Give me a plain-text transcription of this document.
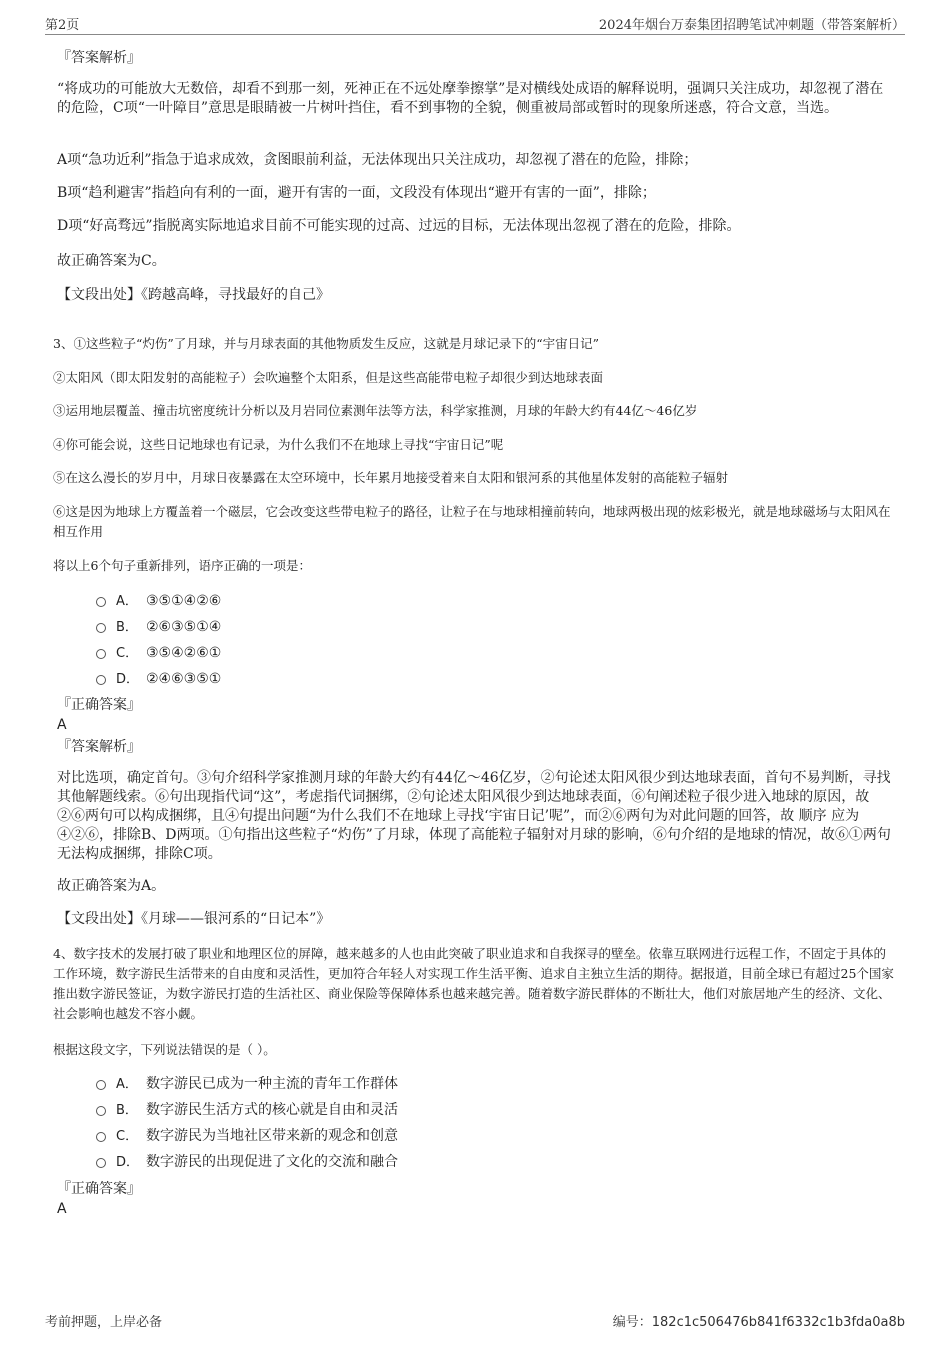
第2页	2024年烟台万泰集团招聘笔试冲刺题（带答案解析）
『答案解析』
“将成功的可能放大无数倍，却看不到那一刻，死神正在不远处摩拳擦掌”是对横线处成语的解释说明，强调只关注成功，却忽视了潜在的危险，C项“一叶障目”意思是眼睛被一片树叶挡住，看不到事物的全貌，侧重被局部或暂时的现象所迷惑，符合文意，当选。
A项“急功近利”指急于追求成效，贪图眼前利益，无法体现出只关注成功，却忽视了潜在的危险，排除；
B项“趋利避害”指趋向有利的一面，避开有害的一面，文段没有体现出“避开有害的一面”，排除；
D项“好高骛远”指脱离实际地追求目前不可能实现的过高、过远的目标，无法体现出忽视了潜在的危险，排除。
故正确答案为C。
【文段出处】《跨越高峰，寻找最好的自己》
3、①这些粒子“灼伤”了月球，并与月球表面的其他物质发生反应，这就是月球记录下的“宇宙日记”
②太阳风（即太阳发射的高能粒子）会吹遍整个太阳系，但是这些高能带电粒子却很少到达地球表面
③运用地层覆盖、撞击坑密度统计分析以及月岩同位素测年法等方法，科学家推测，月球的年龄大约有44亿～46亿岁
④你可能会说，这些日记地球也有记录，为什么我们不在地球上寻找“宇宙日记”呢
⑤在这么漫长的岁月中，月球日夜暴露在太空环境中，长年累月地接受着来自太阳和银河系的其他星体发射的高能粒子辐射
⑥这是因为地球上方覆盖着一个磁层，它会改变这些带电粒子的路径，让粒子在与地球相撞前转向，地球两极出现的炫彩极光，就是地球磁场与太阳风在相互作用
将以上6个句子重新排列，语序正确的一项是：
A． ③⑤①④②⑥
B． ②⑥③⑤①④
C． ③⑤④②⑥①
D． ②④⑥③⑤①
『正确答案』
A
『答案解析』
对比选项，确定首句。③句介绍科学家推测月球的年龄大约有44亿～46亿岁，②句论述太阳风很少到达地球表面，首句不易判断，寻找其他解题线索。⑥句出现指代词“这”，考虑指代词捆绑，②句论述太阳风很少到达地球表面，⑥句阐述粒子很少进入地球的原因，故②⑥两句可以构成捆绑，且④句提出问题“为什么我们不在地球上寻找‘宇宙日记’呢”，而②⑥两句为对此问题的回答，故 顺序 应为④②⑥，排除B、D两项。①句指出这些粒子“灼伤”了月球，体现了高能粒子辐射对月球的影响，⑥句介绍的是地球的情况，故⑥①两句无法构成捆绑，排除C项。
故正确答案为A。
【文段出处】《月球——银河系的“日记本”》
4、数字技术的发展打破了职业和地理区位的屏障，越来越多的人也由此突破了职业追求和自我探寻的壁垒。依靠互联网进行远程工作，不固定于具体的工作环境，数字游民生活带来的自由度和灵活性，更加符合年轻人对实现工作生活平衡、追求自主独立生活的期待。据报道，目前全球已有超过25个国家推出数字游民签证，为数字游民打造的生活社区、商业保险等保障体系也越来越完善。随着数字游民群体的不断壮大，他们对旅居地产生的经济、文化、社会影响也越发不容小觑。
根据这段文字，下列说法错误的是（ ）。
A． 数字游民已成为一种主流的青年工作群体
B． 数字游民生活方式的核心就是自由和灵活
C． 数字游民为当地社区带来新的观念和创意
D． 数字游民的出现促进了文化的交流和融合
『正确答案』
A
考前押题，上岸必备	编号：182c1c506476b841f6332c1b3fda0a8b
